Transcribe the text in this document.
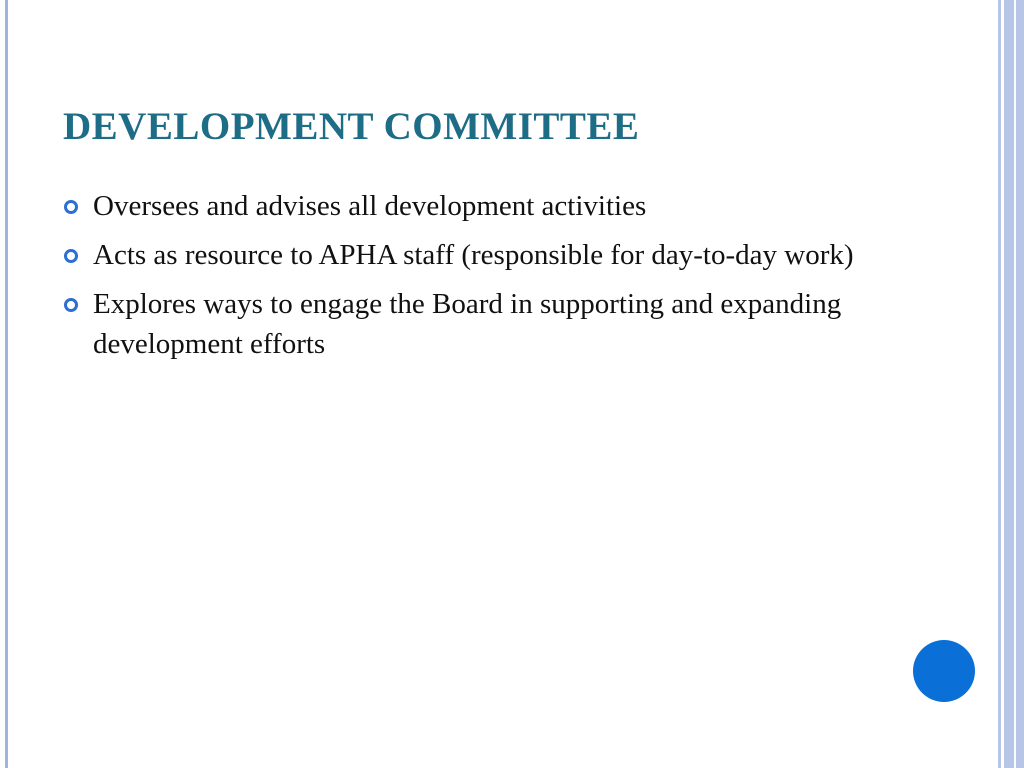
DEVELOPMENT COMMITTEE
Oversees and advises all development activities
Acts as resource to APHA staff (responsible for day-to-day work)
Explores ways to engage the Board in supporting and expanding development efforts
